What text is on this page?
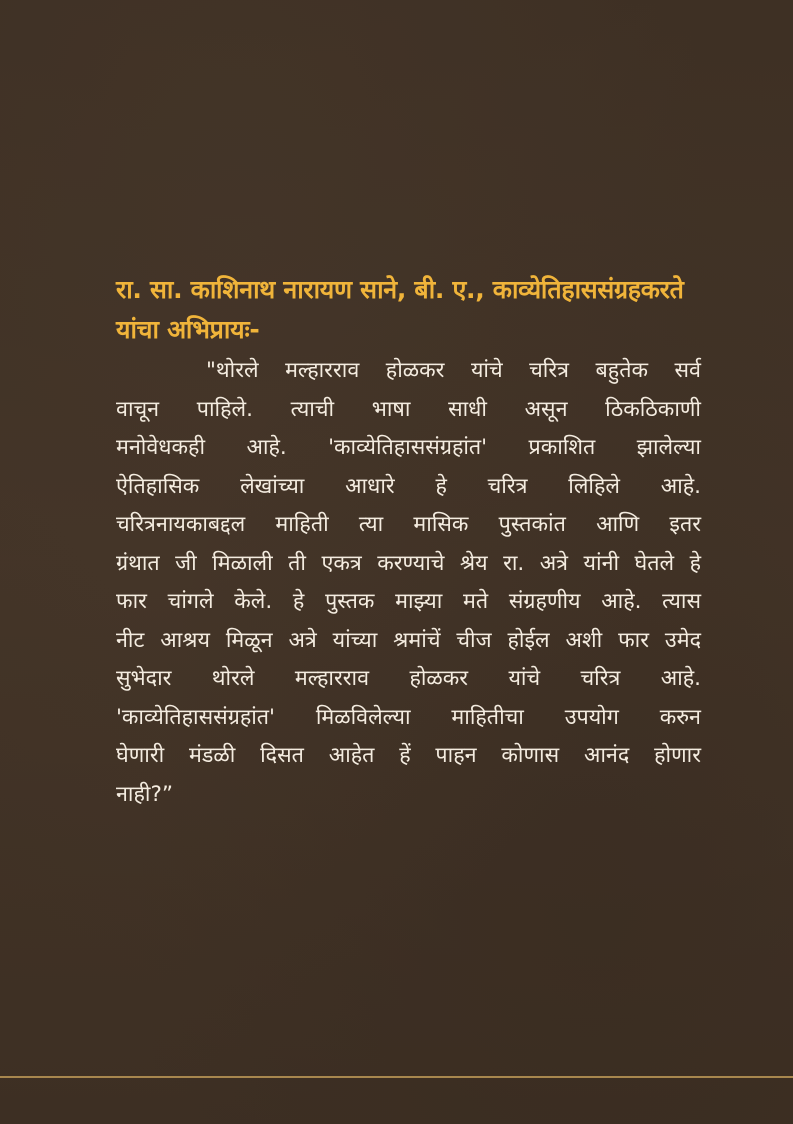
रा. सा. काशिनाथ नारायण साने, बी. ए., काव्येतिहाससंग्रहकरते
यांचा अभिप्रायः-
"थोरले मल्हारराव होळकर यांचे चरित्र बहुतेक सर्व
वाचून पाहिले. त्याची भाषा साधी असून ठिकठिकाणी
मनोवेधकही आहे. 'काव्येतिहाससंग्रहांत' प्रकाशित झालेल्या
ऐतिहासिक लेखांच्या आधारे हे चरित्र लिहिले आहे.
चरित्रनायकाबद्दल माहिती त्या मासिक पुस्तकांत आणि इतर
ग्रंथात जी मिळाली ती एकत्र करण्याचे श्रेय रा. अत्रे यांनी घेतले हे
फार चांगले केले. हे पुस्तक माझ्या मते संग्रहणीय आहे. त्यास
नीट आश्रय मिळून अत्रे यांच्या श्रमांचें चीज होईल अशी फार उमेद
सुभेदार थोरले मल्हारराव होळकर यांचे चरित्र आहे.
'काव्येतिहाससंग्रहांत' मिळविलेल्या माहितीचा उपयोग करुन
घेणारी मंडळी दिसत आहेत हें पाहन कोणास आनंद होणार
नाही?”
